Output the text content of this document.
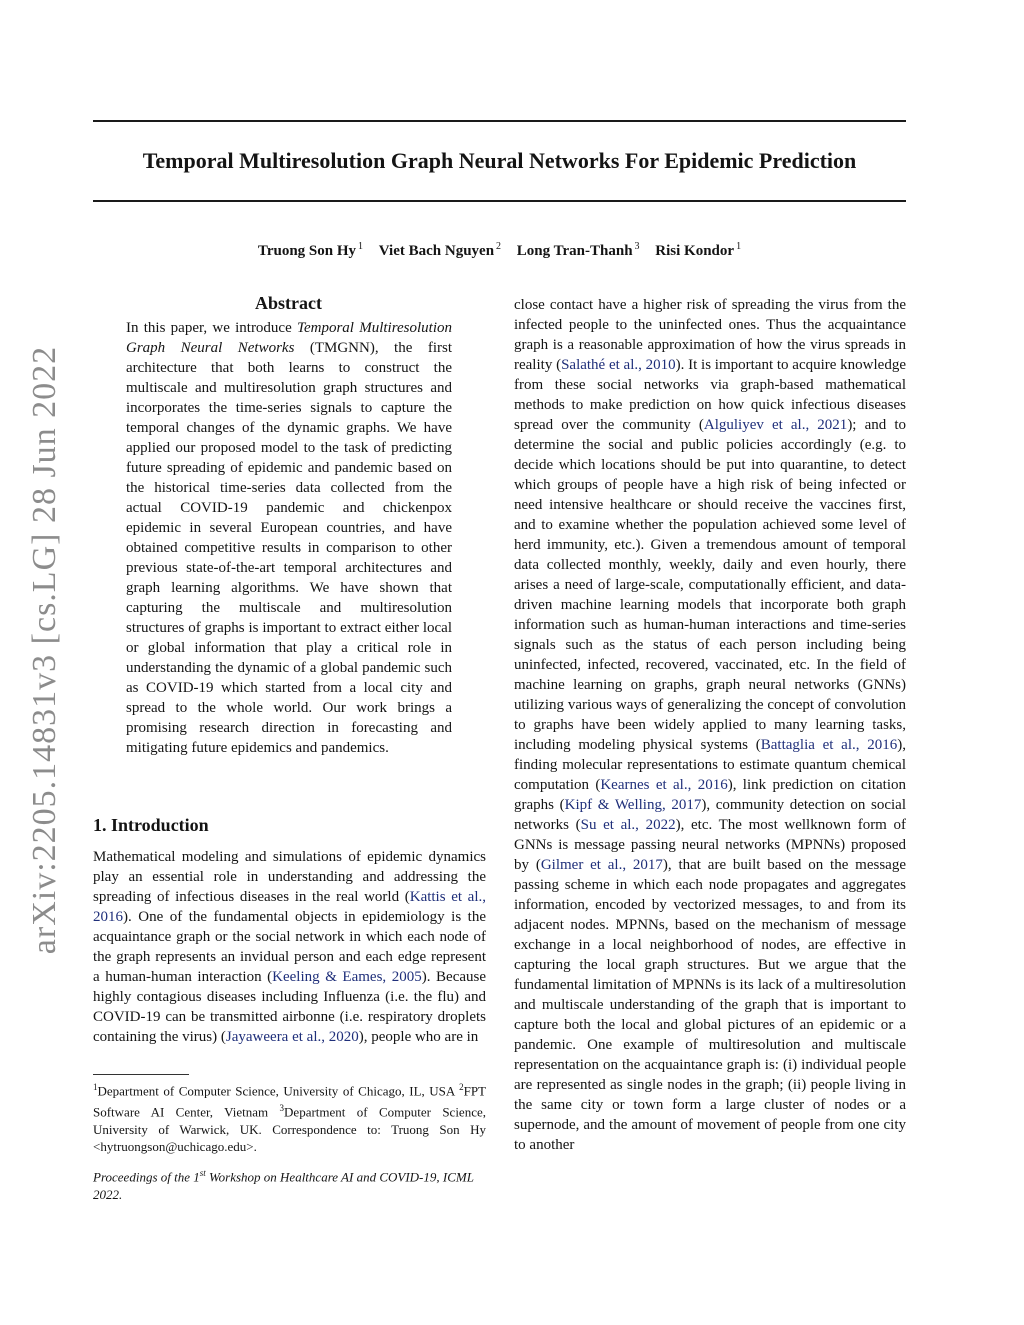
Temporal Multiresolution Graph Neural Networks For Epidemic Prediction
Truong Son Hy $^1$ Viet Bach Nguyen $^2$ Long Tran-Thanh $^3$ Risi Kondor $^1$
arXiv:2205.14831v3 [cs.LG] 28 Jun 2022
Abstract

In this paper, we introduce Temporal Multiresolution Graph Neural Networks (TMGNN), the first architecture that both learns to construct the multiscale and multiresolution graph structures and incorporates the time-series signals to capture the temporal changes of the dynamic graphs. We have applied our proposed model to the task of predicting future spreading of epidemic and pandemic based on the historical time-series data collected from the actual COVID-19 pandemic and chickenpox epidemic in several European countries, and have obtained competitive results in comparison to other previous state-of-the-art temporal architectures and graph learning algorithms. We have shown that capturing the multiscale and multiresolution structures of graphs is important to extract either local or global information that play a critical role in understanding the dynamic of a global pandemic such as COVID-19 which started from a local city and spread to the whole world. Our work brings a promising research direction in forecasting and mitigating future epidemics and pandemics.

1. Introduction

Mathematical modeling and simulations of epidemic dynamics play an essential role in understanding and addressing the spreading of infectious diseases in the real world (Kattis et al., 2016). One of the fundamental objects in epidemiology is the acquaintance graph or the social network in which each node of the graph represents an invidual person and each edge represent a human-human interaction (Keeling & Eames, 2005). Because highly contagious diseases including Influenza (i.e. the flu) and COVID-19 can be transmitted airbonne (i.e. respiratory droplets containing the virus) (Jayaweera et al., 2020), people who are in

$^1$Department of Computer Science, University of Chicago, IL, USA $^2$FPT Software AI Center, Vietnam $^3$Department of Computer Science, University of Warwick, UK. Correspondence to: Truong Son Hy <hytruongson@uchicago.edu>.

Proceedings of the 1st Workshop on Healthcare AI and COVID-19, ICML 2022.

close contact have a higher risk of spreading the virus from the infected people to the uninfected ones. Thus the acquaintance graph is a reasonable approximation of how the virus spreads in reality (Salathé et al., 2010). It is important to acquire knowledge from these social networks via graph-based mathematical methods to make prediction on how quick infectious diseases spread over the community (Alguliyev et al., 2021); and to determine the social and public policies accordingly (e.g. to decide which locations should be put into quarantine, to detect which groups of people have a high risk of being infected or need intensive healthcare or should receive the vaccines first, and to examine whether the population achieved some level of herd immunity, etc.). Given a tremendous amount of temporal data collected monthly, weekly, daily and even hourly, there arises a need of large-scale, computationally efficient, and data-driven machine learning models that incorporate both graph information such as human-human interactions and time-series signals such as the status of each person including being uninfected, infected, recovered, vaccinated, etc. In the field of machine learning on graphs, graph neural networks (GNNs) utilizing various ways of generalizing the concept of convolution to graphs have been widely applied to many learning tasks, including modeling physical systems (Battaglia et al., 2016), finding molecular representations to estimate quantum chemical computation (Kearnes et al., 2016), link prediction on citation graphs (Kipf & Welling, 2017), community detection on social networks (Su et al., 2022), etc. The most wellknown form of GNNs is message passing neural networks (MPNNs) proposed by (Gilmer et al., 2017), that are built based on the message passing scheme in which each node propagates and aggregates information, encoded by vectorized messages, to and from its adjacent nodes. MPNNs, based on the mechanism of message exchange in a local neighborhood of nodes, are effective in capturing the local graph structures. But we argue that the fundamental limitation of MPNNs is its lack of a multiresolution and multiscale understanding of the graph that is important to capture both the local and global pictures of an epidemic or a pandemic. One example of multiresolution and multiscale representation on the acquaintance graph is: (i) individual people are represented as single nodes in the graph; (ii) people living in the same city or town form a large cluster of nodes or a supernode, and the amount of movement of people from one city to another
